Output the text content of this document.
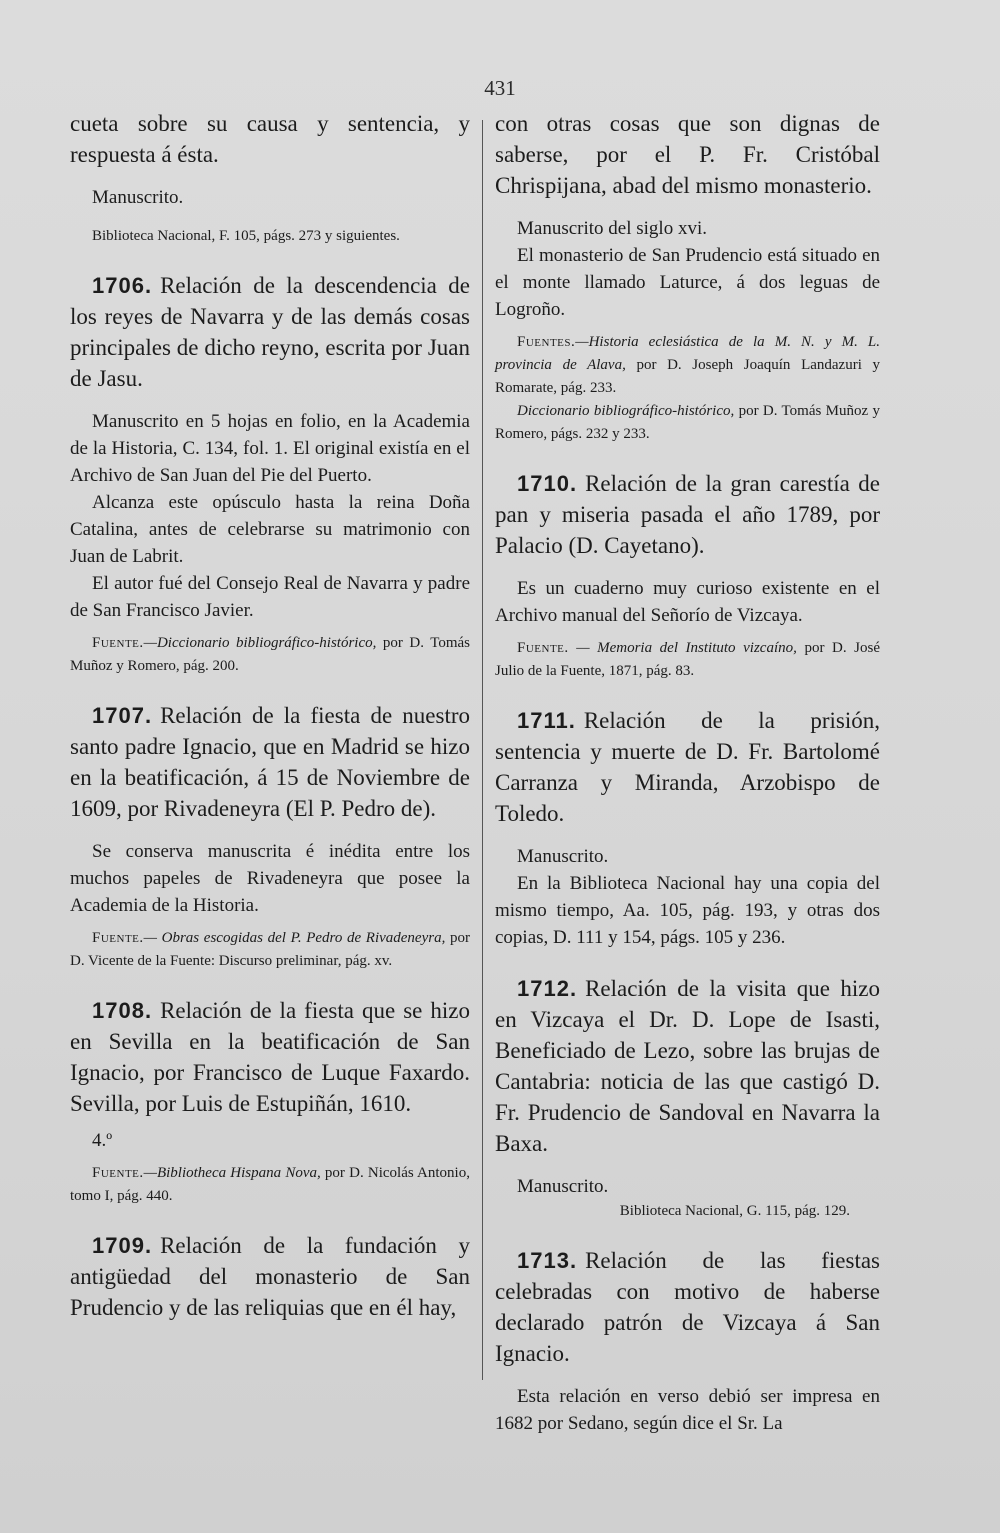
431

cueta sobre su causa y sentencia, y respuesta á ésta.

Manuscrito.

Biblioteca Nacional, F. 105, págs. 273 y siguientes.

1706. Relación de la descendencia de los reyes de Navarra y de las demás cosas principales de dicho reyno, escrita por Juan de Jasu.

Manuscrito en 5 hojas en folio, en la Academia de la Historia, C. 134, fol. 1. El original existía en el Archivo de San Juan del Pie del Puerto.

Alcanza este opúsculo hasta la reina Doña Catalina, antes de celebrarse su matrimonio con Juan de Labrit.

El autor fué del Consejo Real de Navarra y padre de San Francisco Javier.

Fuente.—Diccionario bibliográfico-histórico, por D. Tomás Muñoz y Romero, pág. 200.

1707. Relación de la fiesta de nuestro santo padre Ignacio, que en Madrid se hizo en la beatificación, á 15 de Noviembre de 1609, por Rivadeneyra (El P. Pedro de).

Se conserva manuscrita é inédita entre los muchos papeles de Rivadeneyra que posee la Academia de la Historia.

Fuente.— Obras escogidas del P. Pedro de Rivadeneyra, por D. Vicente de la Fuente: Discurso preliminar, pág. xv.

1708. Relación de la fiesta que se hizo en Sevilla en la beatificación de San Ignacio, por Francisco de Luque Faxardo. Sevilla, por Luis de Estupiñán, 1610.

4.º

Fuente.—Bibliotheca Hispana Nova, por D. Nicolás Antonio, tomo I, pág. 440.

1709. Relación de la fundación y antigüedad del monasterio de San Prudencio y de las reliquias que en él hay,

con otras cosas que son dignas de saberse, por el P. Fr. Cristóbal Chrispijana, abad del mismo monasterio.

Manuscrito del siglo xvi.

El monasterio de San Prudencio está situado en el monte llamado Laturce, á dos leguas de Logroño.

Fuentes.—Historia eclesiástica de la M. N. y M. L. provincia de Alava, por D. Joseph Joaquín Landazuri y Romarate, pág. 233.

Diccionario bibliográfico-histórico, por D. Tomás Muñoz y Romero, págs. 232 y 233.

1710. Relación de la gran carestía de pan y miseria pasada el año 1789, por Palacio (D. Cayetano).

Es un cuaderno muy curioso existente en el Archivo manual del Señorío de Vizcaya.

Fuente. — Memoria del Instituto vizcaíno, por D. José Julio de la Fuente, 1871, pág. 83.

1711. Relación de la prisión, sentencia y muerte de D. Fr. Bartolomé Carranza y Miranda, Arzobispo de Toledo.

Manuscrito.

En la Biblioteca Nacional hay una copia del mismo tiempo, Aa. 105, pág. 193, y otras dos copias, D. 111 y 154, págs. 105 y 236.

1712. Relación de la visita que hizo en Vizcaya el Dr. D. Lope de Isasti, Beneficiado de Lezo, sobre las brujas de Cantabria: noticia de las que castigó D. Fr. Prudencio de Sandoval en Navarra la Baxa.

Manuscrito.

Biblioteca Nacional, G. 115, pág. 129.

1713. Relación de las fiestas celebradas con motivo de haberse declarado patrón de Vizcaya á San Ignacio.

Esta relación en verso debió ser impresa en 1682 por Sedano, según dice el Sr. La
